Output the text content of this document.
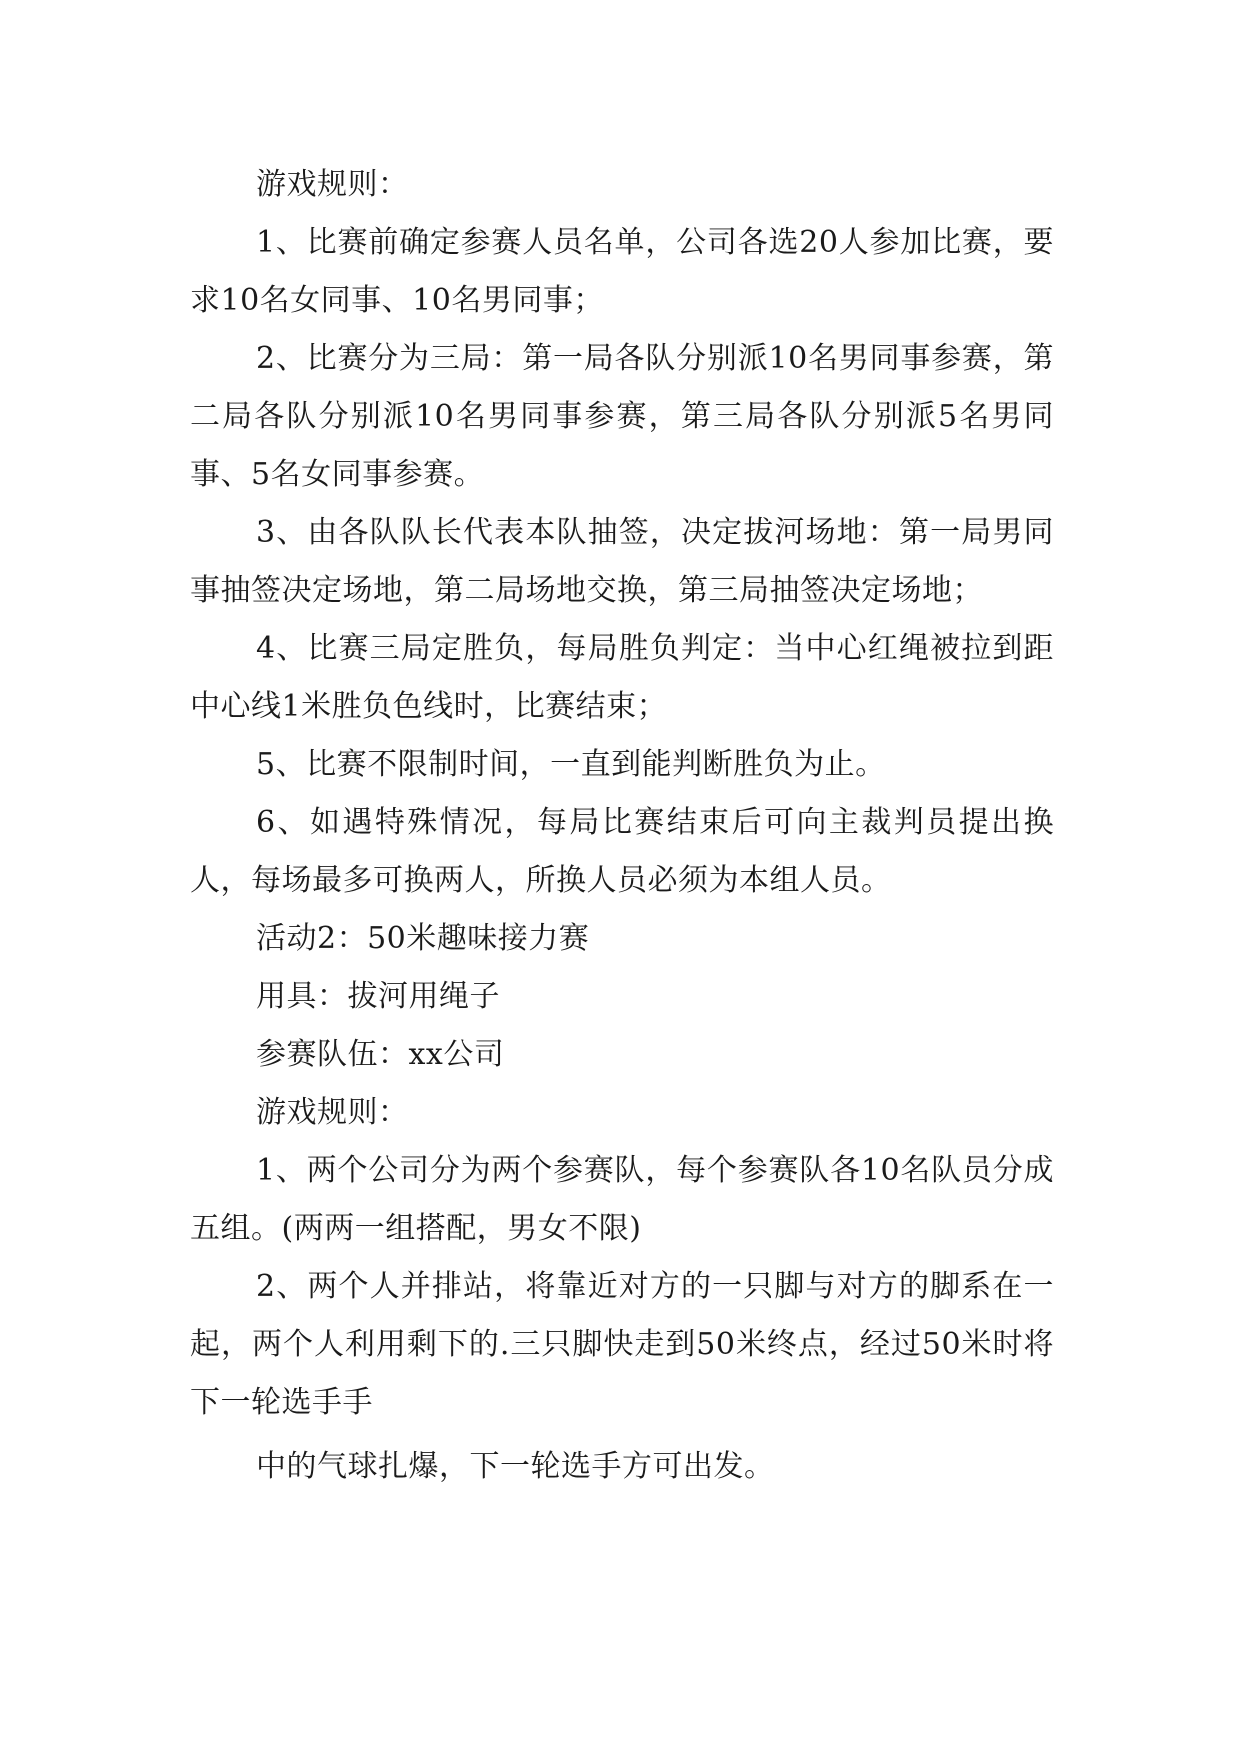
游戏规则：

1、比赛前确定参赛人员名单，公司各选20人参加比赛，要求10名女同事、10名男同事；

2、比赛分为三局：第一局各队分别派10名男同事参赛，第二局各队分别派10名男同事参赛，第三局各队分别派5名男同事、5名女同事参赛。

3、由各队队长代表本队抽签，决定拔河场地：第一局男同事抽签决定场地，第二局场地交换，第三局抽签决定场地；

4、比赛三局定胜负，每局胜负判定：当中心红绳被拉到距中心线1米胜负色线时，比赛结束；

5、比赛不限制时间，一直到能判断胜负为止。

6、如遇特殊情况，每局比赛结束后可向主裁判员提出换人，每场最多可换两人，所换人员必须为本组人员。

活动2：50米趣味接力赛

用具：拔河用绳子

参赛队伍：xx公司

游戏规则：

1、两个公司分为两个参赛队，每个参赛队各10名队员分成五组。(两两一组搭配，男女不限)

2、两个人并排站，将靠近对方的一只脚与对方的脚系在一起，两个人利用剩下的.三只脚快走到50米终点，经过50米时将下一轮选手手

中的气球扎爆，下一轮选手方可出发。
